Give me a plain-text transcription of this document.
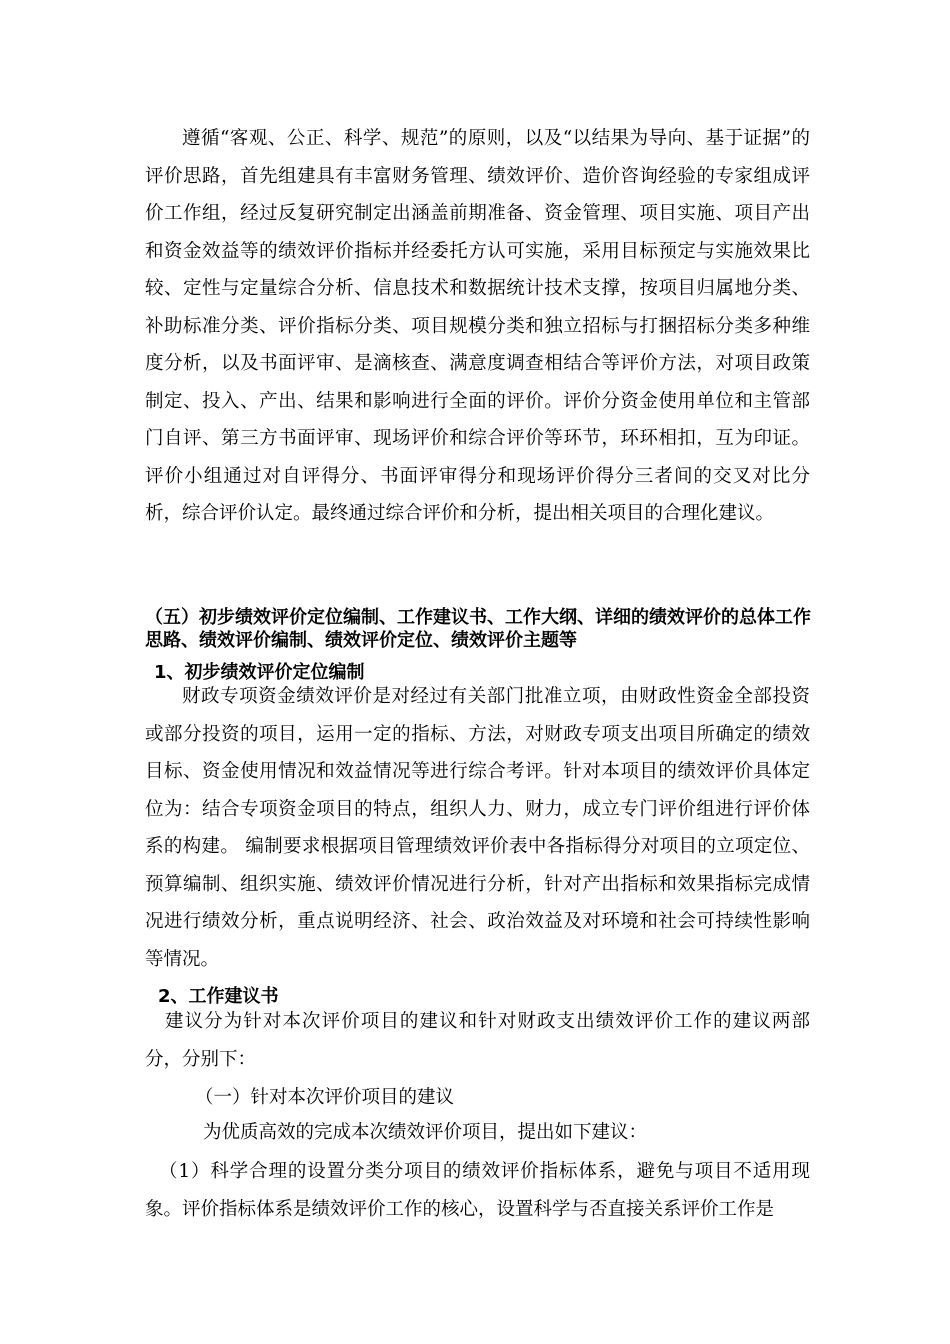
遵循“客观、公正、科学、规范”的原则，以及“以结果为导向、基于证据”的评价思路，首先组建具有丰富财务管理、绩效评价、造价咨询经验的专家组成评价工作组，经过反复研究制定出涵盖前期准备、资金管理、项目实施、项目产出和资金效益等的绩效评价指标并经委托方认可实施，采用目标预定与实施效果比较、定性与定量综合分析、信息技术和数据统计技术支撑，按项目归属地分类、补助标准分类、评价指标分类、项目规模分类和独立招标与打捆招标分类多种维度分析，以及书面评审、是滴核查、满意度调查相结合等评价方法，对项目政策制定、投入、产出、结果和影响进行全面的评价。评价分资金使用单位和主管部门自评、第三方书面评审、现场评价和综合评价等环节，环环相扣，互为印证。评价小组通过对自评得分、书面评审得分和现场评价得分三者间的交叉对比分析，综合评价认定。最终通过综合评价和分析，提出相关项目的合理化建议。

（五）初步绩效评价定位编制、工作建议书、工作大纲、详细的绩效评价的总体工作思路、绩效评价编制、绩效评价定位、绩效评价主题等

1、初步绩效评价定位编制

财政专项资金绩效评价是对经过有关部门批准立项，由财政性资金全部投资或部分投资的项目，运用一定的指标、方法，对财政专项支出项目所确定的绩效目标、资金使用情况和效益情况等进行综合考评。针对本项目的绩效评价具体定位为：结合专项资金项目的特点，组织人力、财力，成立专门评价组进行评价体系的构建。 编制要求根据项目管理绩效评价表中各指标得分对项目的立项定位、预算编制、组织实施、绩效评价情况进行分析，针对产出指标和效果指标完成情况进行绩效分析，重点说明经济、社会、政治效益及对环境和社会可持续性影响等情况。

2、工作建议书

建议分为针对本次评价项目的建议和针对财政支出绩效评价工作的建议两部分，分别下：

（一）针对本次评价项目的建议

为优质高效的完成本次绩效评价项目，提出如下建议：

（1）科学合理的设置分类分项目的绩效评价指标体系，避免与项目不适用现象。评价指标体系是绩效评价工作的核心，设置科学与否直接关系评价工作是
